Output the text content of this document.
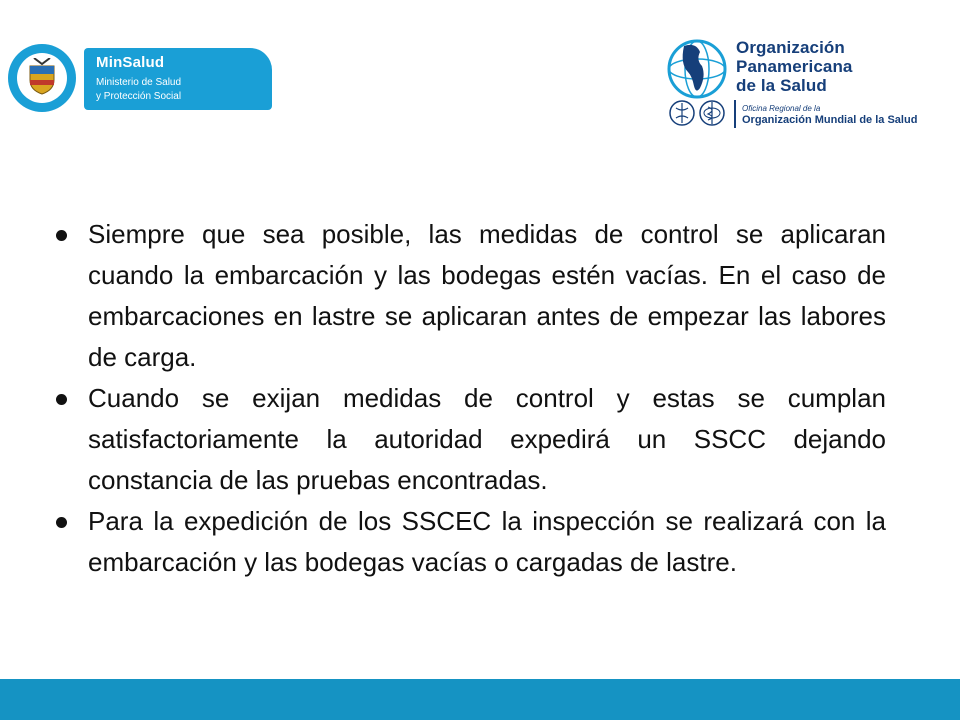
MinSalud
Ministerio de Salud
y Protección Social
Organización
Panamericana
de la Salud
Oficina Regional de la
Organización Mundial de la Salud
Siempre que sea posible, las medidas de control se aplicaran cuando la embarcación y las bodegas estén vacías. En el caso de embarcaciones en lastre se aplicaran antes de empezar las labores de carga.
Cuando se exijan medidas de control y estas se cumplan satisfactoriamente la autoridad expedirá un SSCC dejando constancia de las pruebas encontradas.
Para la expedición de los SSCEC la inspección se realizará con la embarcación y las bodegas vacías o cargadas de lastre.
